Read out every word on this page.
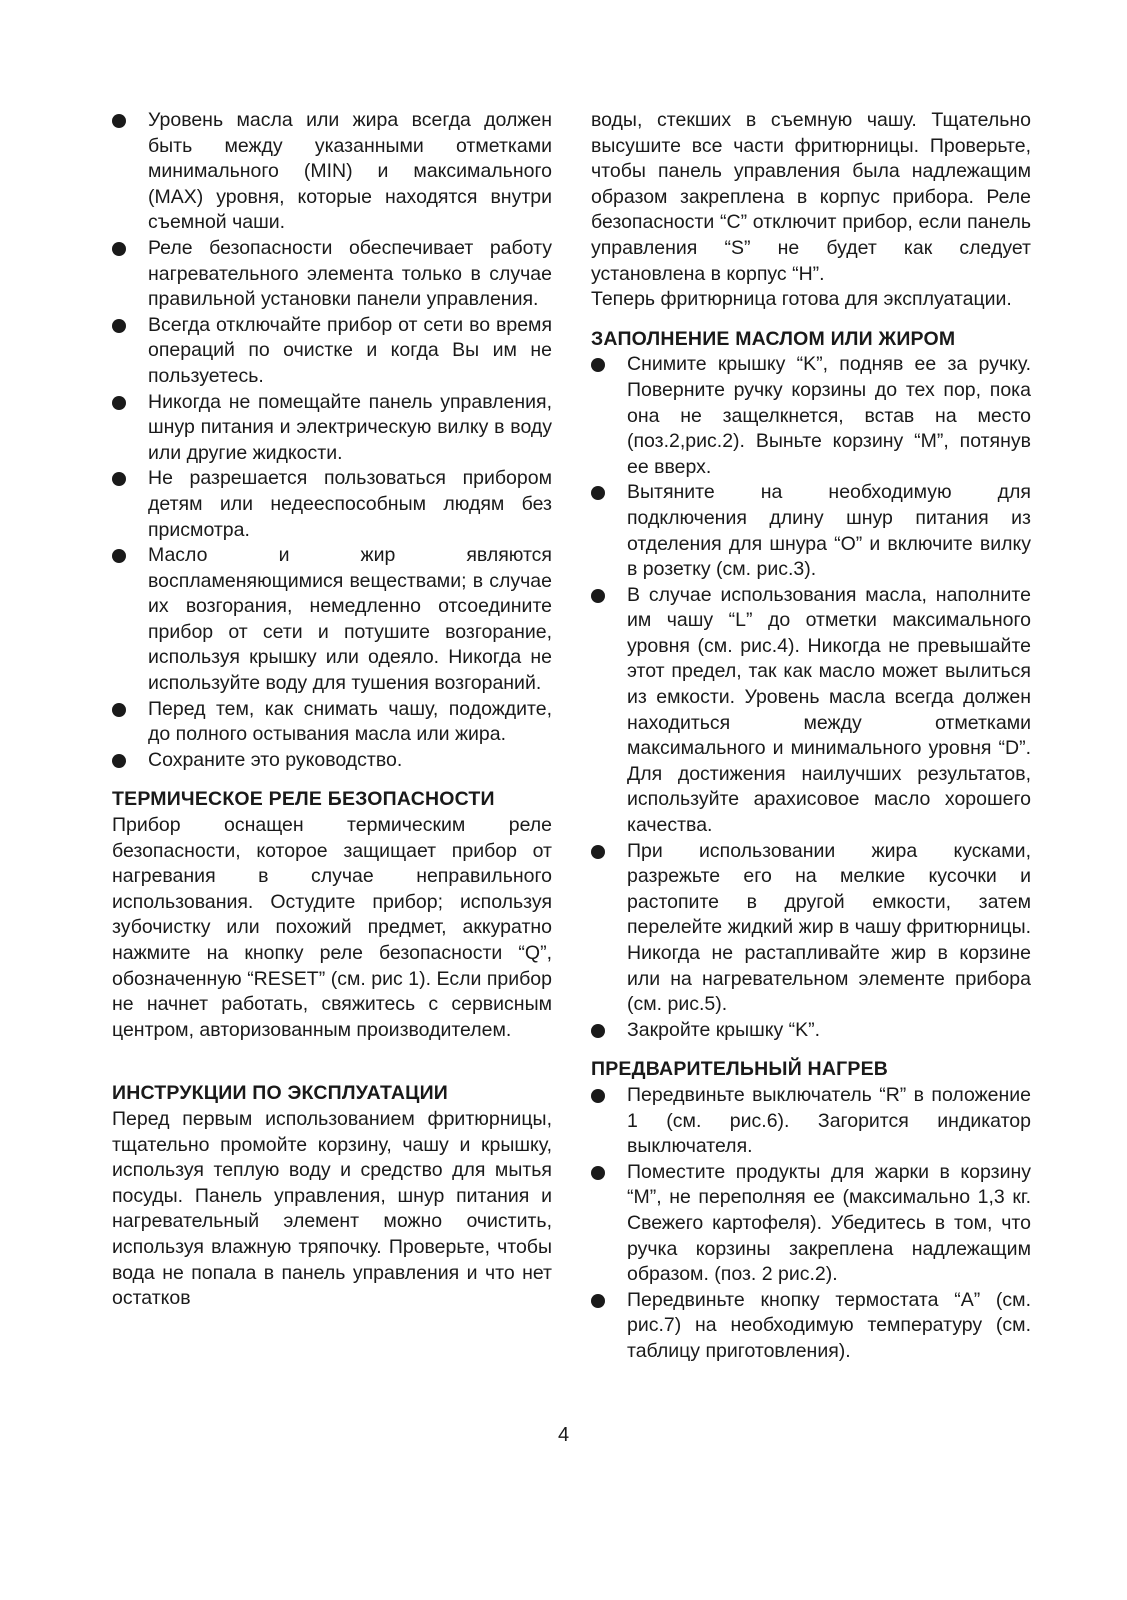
Уровень масла или жира всегда должен быть между указанными отметками минимального (MIN) и максимального (MAX) уровня, которые находятся внутри съемной чаши.
Реле безопасности обеспечивает работу нагревательного элемента только в случае правильной установки панели управления.
Всегда отключайте прибор от сети во время операций по очистке и когда Вы им не пользуетесь.
Никогда не помещайте панель управления, шнур питания и электрическую вилку в воду или другие жидкости.
Не разрешается пользоваться прибором детям или недееспособным людям без присмотра.
Масло и жир являются воспламеняющимися веществами; в случае их возгорания, немедленно отсоедините прибор от сети и потушите возгорание, используя крышку или одеяло. Никогда не используйте воду для тушения возгораний.
Перед тем, как снимать чашу, подождите, до полного остывания масла или жира.
Сохраните это руководство.
ТЕРМИЧЕСКОЕ РЕЛЕ БЕЗОПАСНОСТИ

Прибор оснащен термическим реле безопасности, которое защищает прибор от нагревания в случае неправильного использования. Остудите прибор; используя зубочистку или похожий предмет, аккуратно нажмите на кнопку реле безопасности “Q”, обозначенную “RESET” (см. рис 1). Если прибор не начнет работать, свяжитесь с сервисным центром, авторизованным производителем.

ИНСТРУКЦИИ ПО ЭКСПЛУАТАЦИИ

Перед первым использованием фритюрницы, тщательно промойте корзину, чашу и крышку, используя теплую воду и средство для мытья посуды. Панель управления, шнур питания и нагревательный элемент можно очистить, используя влажную тряпочку. Проверьте, чтобы вода не попала в панель управления и что нет остатков

воды, стекших в съемную чашу. Тщательно высушите все части фритюрницы. Проверьте, чтобы панель управления была надлежащим образом закреплена в корпус прибора. Реле безопасности “C” отключит прибор, если панель управления “S” не будет как следует установлена в корпус “H”.

Теперь фритюрница готова для эксплуатации.

ЗАПОЛНЕНИЕ МАСЛОМ ИЛИ ЖИРОМ
Снимите крышку “K”, подняв ее за ручку. Поверните ручку корзины до тех пор, пока она не защелкнется, встав на место (поз.2,рис.2). Выньте корзину “M”, потянув ее вверх.
Вытяните на необходимую для подключения длину шнур питания из отделения для шнура “O” и включите вилку в розетку (см. рис.3).
В случае использования масла, наполните им чашу “L” до отметки максимального уровня (см. рис.4). Никогда не превышайте этот предел, так как масло может вылиться из емкости. Уровень масла всегда должен находиться между отметками максимального и минимального уровня “D”. Для достижения наилучших результатов, используйте арахисовое масло хорошего качества.
При использовании жира кусками, разрежьте его на мелкие кусочки и растопите в другой емкости, затем перелейте жидкий жир в чашу фритюрницы. Никогда не растапливайте жир в корзине или на нагревательном элементе прибора (см. рис.5).
Закройте крышку “K”.
ПРЕДВАРИТЕЛЬНЫЙ НАГРЕВ
Передвиньте выключатель “R” в положение 1 (см. рис.6). Загорится индикатор выключателя.
Поместите продукты для жарки в корзину “M”, не переполняя ее (максимально 1,3 кг. Свежего картофеля). Убедитесь в том, что ручка корзины закреплена надлежащим образом. (поз. 2 рис.2).
Передвиньте кнопку термостата “A” (см. рис.7) на необходимую температуру (см. таблицу приготовления).
4
